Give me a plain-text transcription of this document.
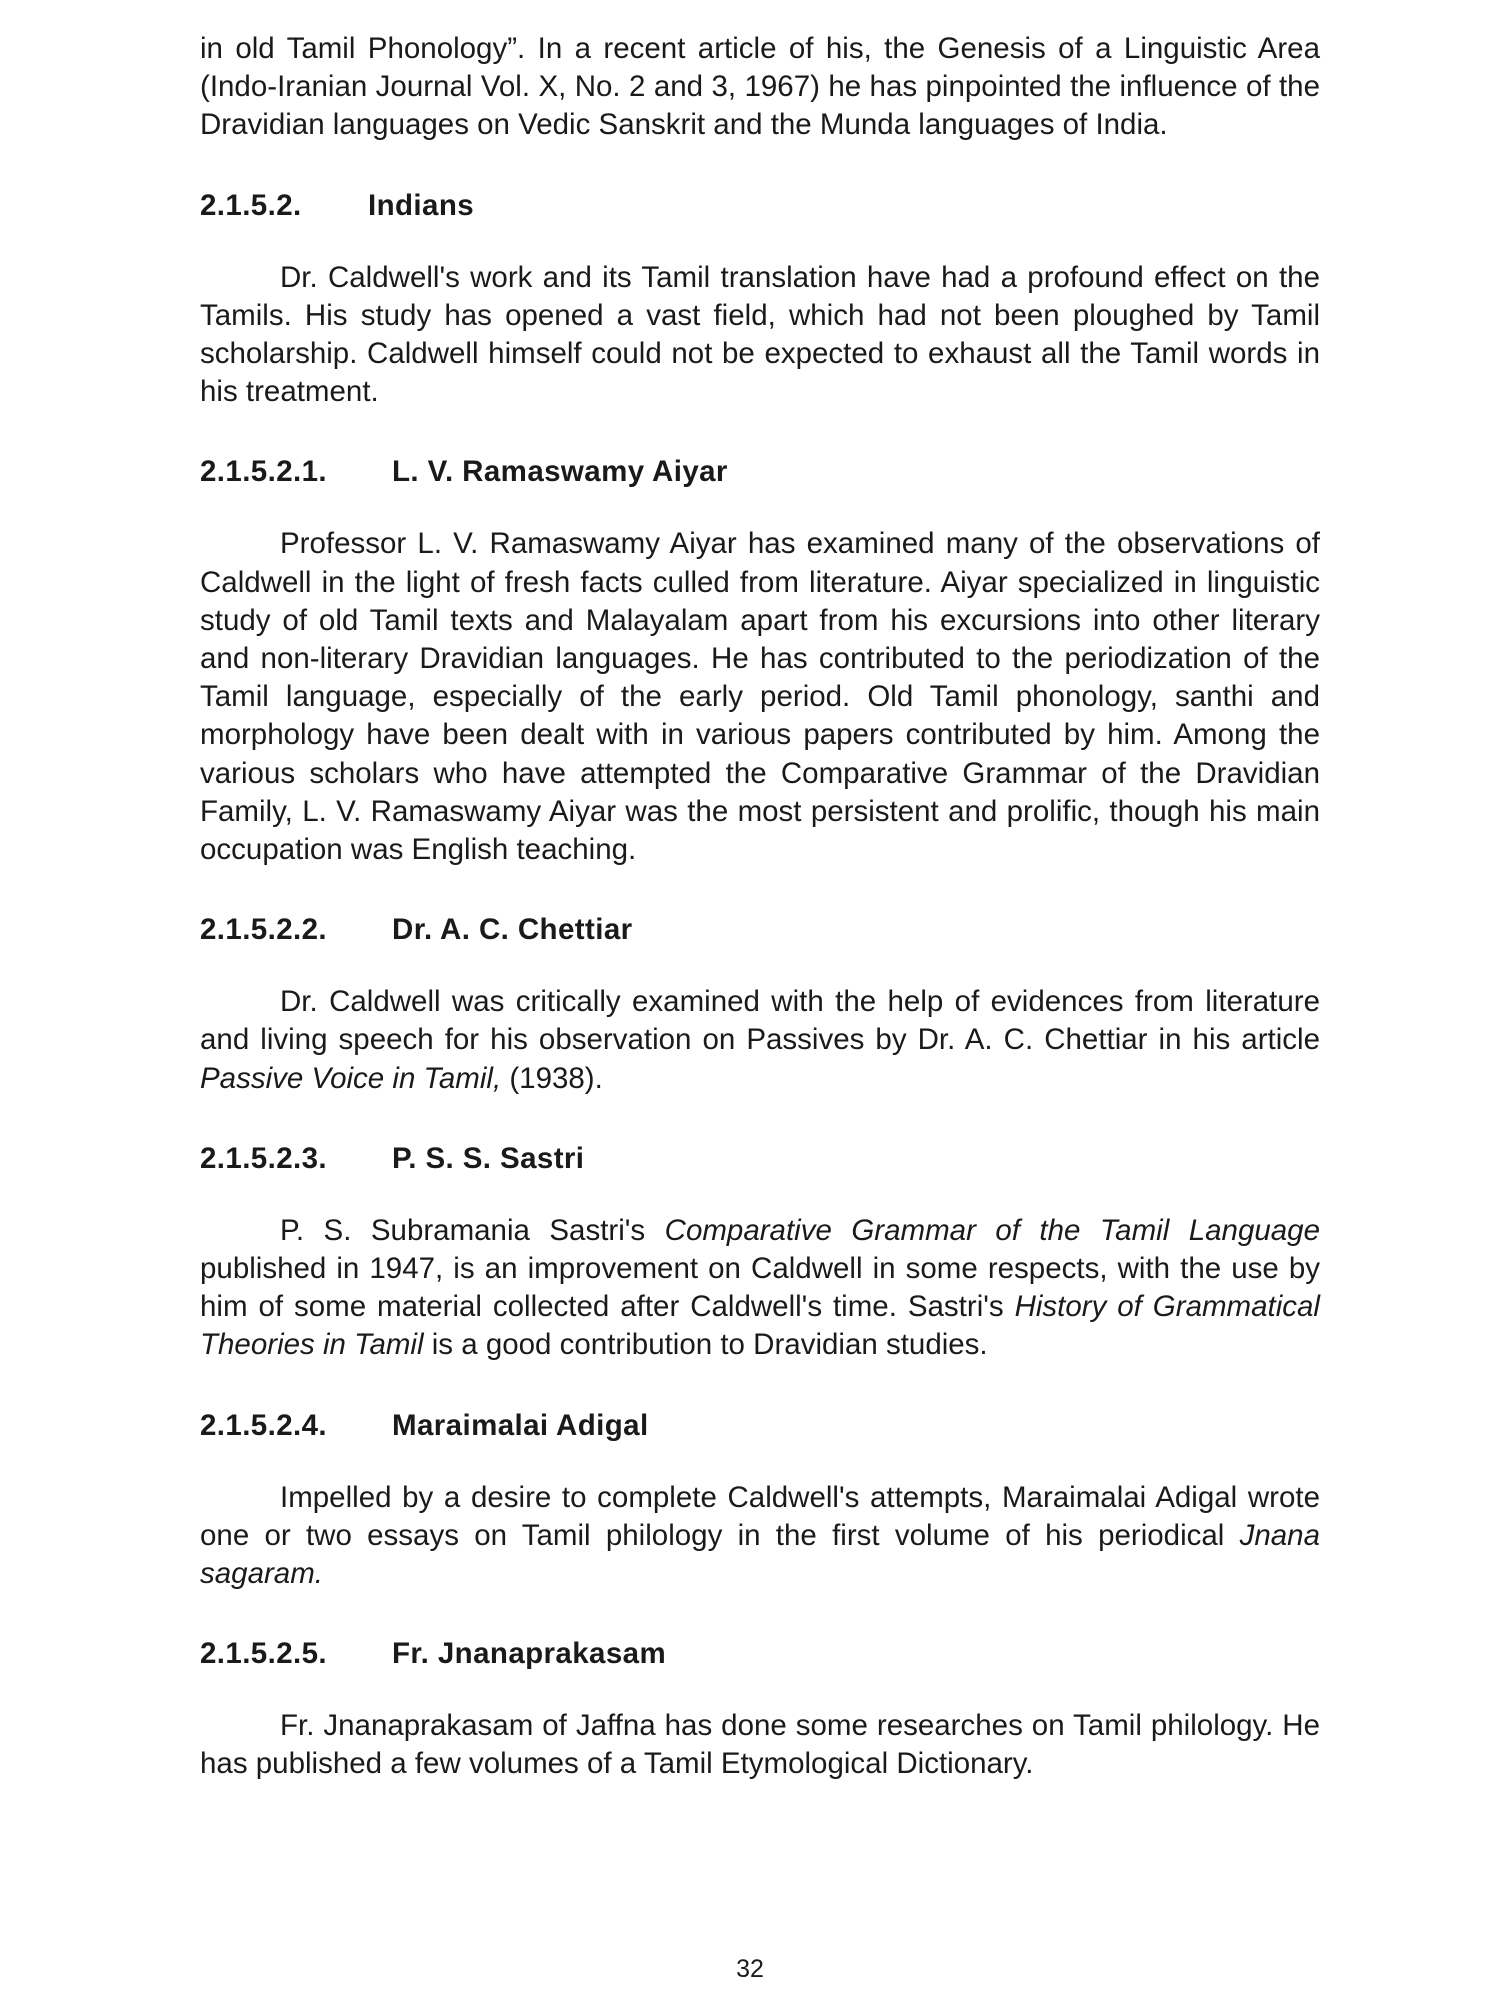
in old Tamil Phonology”. In a recent article of his, the Genesis of a Linguistic Area (Indo-Iranian Journal Vol. X, No. 2 and 3, 1967) he has pinpointed the influence of the Dravidian languages on Vedic Sanskrit and the Munda languages of India.

2.1.5.2. Indians

Dr. Caldwell's work and its Tamil translation have had a profound effect on the Tamils. His study has opened a vast field, which had not been ploughed by Tamil scholarship. Caldwell himself could not be expected to exhaust all the Tamil words in his treatment.

2.1.5.2.1. L. V. Ramaswamy Aiyar

Professor L. V. Ramaswamy Aiyar has examined many of the observations of Caldwell in the light of fresh facts culled from literature. Aiyar specialized in linguistic study of old Tamil texts and Malayalam apart from his excursions into other literary and non-literary Dravidian languages. He has contributed to the periodization of the Tamil language, especially of the early period. Old Tamil phonology, santhi and morphology have been dealt with in various papers contributed by him. Among the various scholars who have attempted the Comparative Grammar of the Dravidian Family, L. V. Ramaswamy Aiyar was the most persistent and prolific, though his main occupation was English teaching.

2.1.5.2.2. Dr. A. C. Chettiar

Dr. Caldwell was critically examined with the help of evidences from literature and living speech for his observation on Passives by Dr. A. C. Chettiar in his article Passive Voice in Tamil, (1938).

2.1.5.2.3. P. S. S. Sastri

P. S. Subramania Sastri's Comparative Grammar of the Tamil Language published in 1947, is an improvement on Caldwell in some respects, with the use by him of some material collected after Caldwell's time. Sastri's History of Grammatical Theories in Tamil is a good contribution to Dravidian studies.

2.1.5.2.4. Maraimalai Adigal

Impelled by a desire to complete Caldwell's attempts, Maraimalai Adigal wrote one or two essays on Tamil philology in the first volume of his periodical Jnana sagaram.

2.1.5.2.5. Fr. Jnanaprakasam

Fr. Jnanaprakasam of Jaffna has done some researches on Tamil philology. He has published a few volumes of a Tamil Etymological Dictionary.

32
